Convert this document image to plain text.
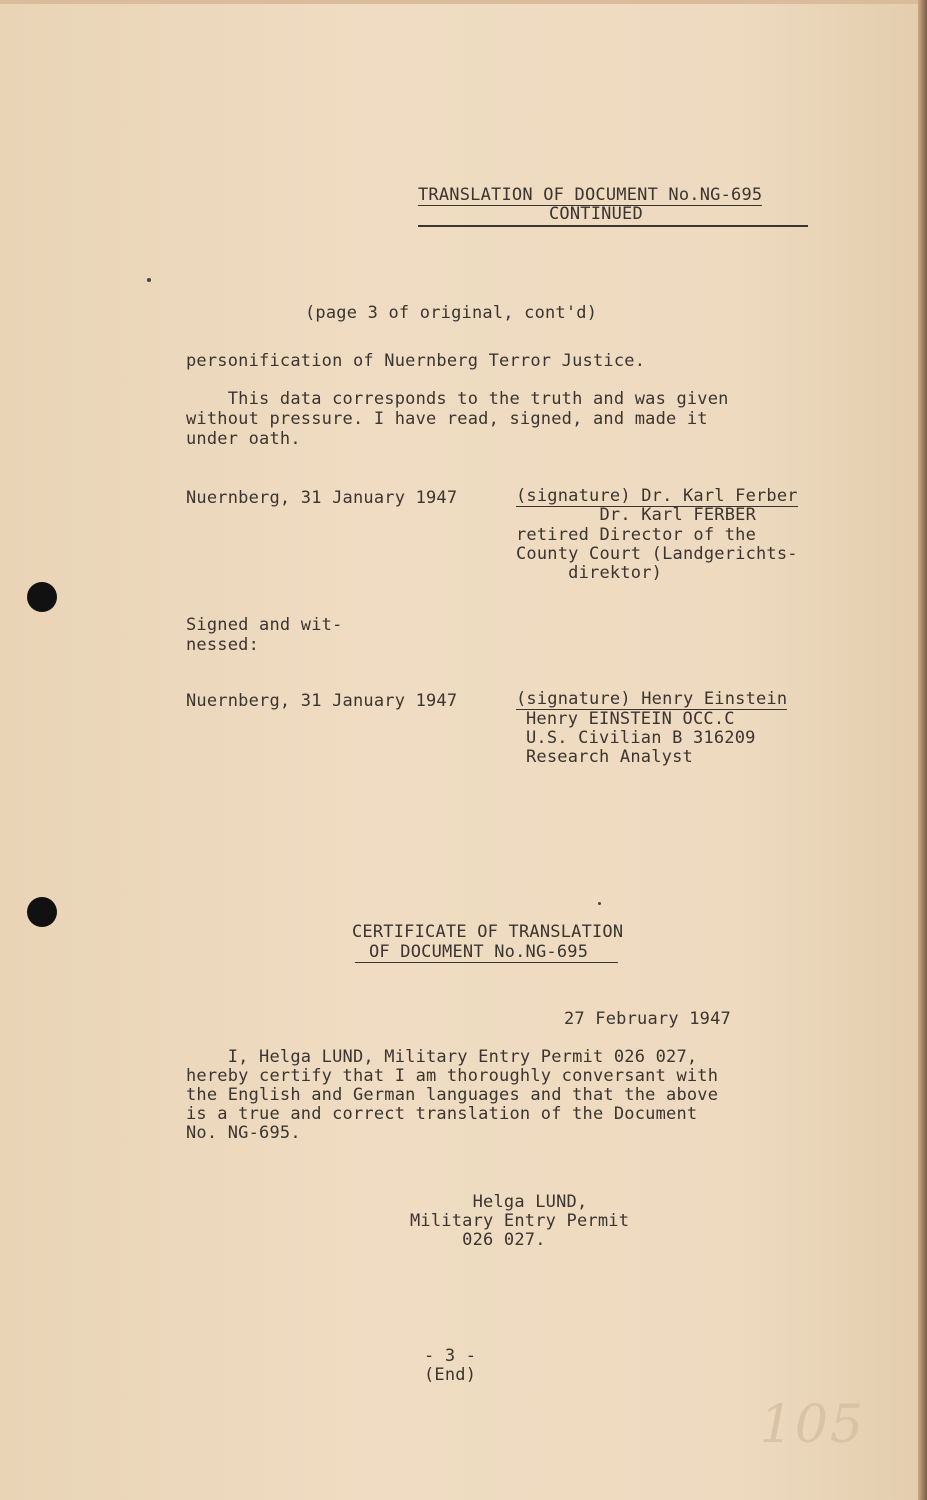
TRANSLATION OF DOCUMENT No.NG-695
CONTINUED
(page 3 of original, cont'd)
personification of Nuernberg Terror Justice.
This data corresponds to the truth and was given
without pressure. I have read, signed, and made it
under oath.
Nuernberg, 31 January 1947	(signature) Dr. Karl Ferber
Dr. Karl FERBER
retired Director of the
County Court (Landgerichts-
direktor)
Signed and wit-
nessed:
Nuernberg, 31 January 1947	(signature) Henry Einstein
Henry EINSTEIN OCC.C
U.S. Civilian B 316209
Research Analyst
CERTIFICATE OF TRANSLATION
OF DOCUMENT No.NG-695
27 February 1947
I, Helga LUND, Military Entry Permit 026 027,
hereby certify that I am thoroughly conversant with
the English and German languages and that the above
is a true and correct translation of the Document
No. NG-695.
Helga LUND,
Military Entry Permit
026 027.
- 3 -
(End)
105
